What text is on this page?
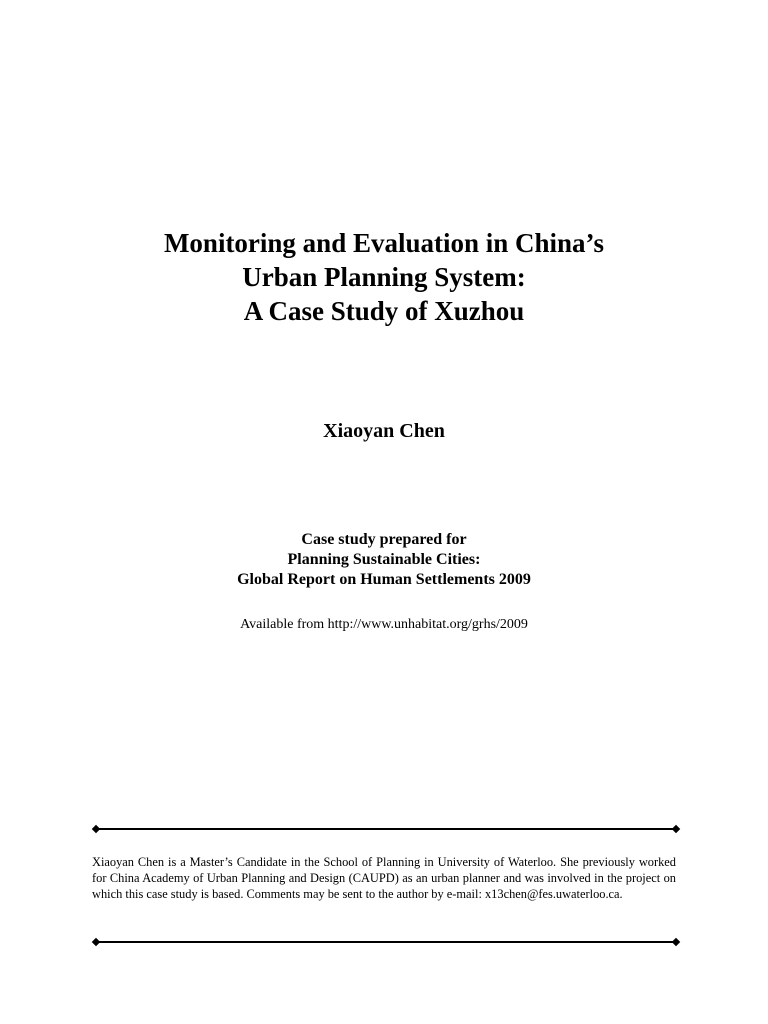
Monitoring and Evaluation in China’s
Urban Planning System:
A Case Study of Xuzhou

Xiaoyan Chen

Case study prepared for
Planning Sustainable Cities:
Global Report on Human Settlements 2009

Available from http://www.unhabitat.org/grhs/2009

Xiaoyan Chen is a Master’s Candidate in the School of Planning in University of Waterloo. She previously worked for China Academy of Urban Planning and Design (CAUPD) as an urban planner and was involved in the project on which this case study is based. Comments may be sent to the author by e-mail: x13chen@fes.uwaterloo.ca.
